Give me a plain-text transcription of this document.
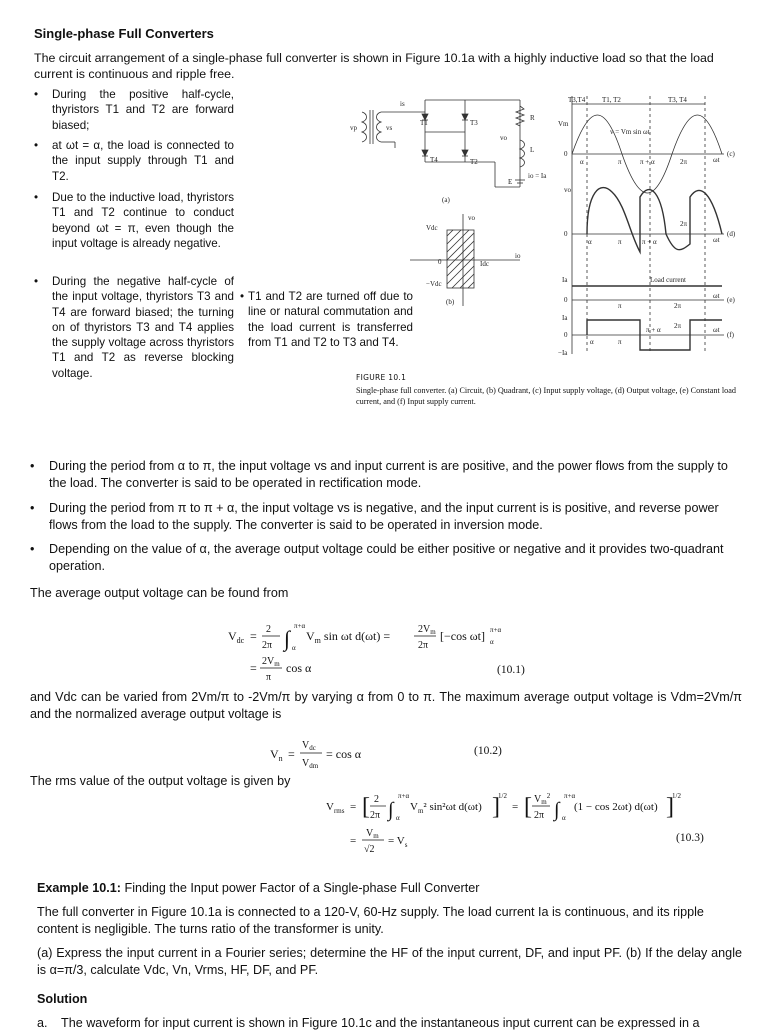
Single-phase Full Converters
The circuit arrangement of a single-phase full converter is shown in Figure 10.1a with a highly inductive load so that the load current is continuous and ripple free.
• During the positive half-cycle, thyristors T1 and T2 are forward biased;
• at ωt = α, the load is connected to the input supply through T1 and T2.
• Due to the inductive load, thyristors T1 and T2 continue to conduct beyond ωt = π, even though the input voltage is already negative.
• During the negative half-cycle of the input voltage, thyristors T3 and T4 are forward biased; the turning on of thyristors T3 and T4 applies the supply voltage across thyristors T1 and T2 as reverse blocking voltage.
• T1 and T2 are turned off due to line or natural commutation and the load current is transferred from T1 and T2 to T3 and T4.
T1	T3
T4	T2
R
L
E
vp	vs
is
vo
io = Ia
(a)
Vdc
−Vdc
vo
Idc
io
0
(b)
v = Vm sin ωt
Vm
T3,T4 T1, T2	T3, T4
(c)
(d)
(e)
(f)
α	π	π + α	2π	ωt
0
α	π	π + α
2π
ωt
0
vo
Ia	Load current
0
π	2π
ωt
Ia
−Ia
0
α	π
π + α 2π	ωt
FIGURE 10.1
Single-phase full converter. (a) Circuit, (b) Quadrant, (c) Input supply voltage, (d) Output voltage, (e) Constant load current, and (f) Input supply current.
• During the period from α to π, the input voltage vs and input current is are positive, and the power flows from the supply to the load. The converter is said to be operated in rectification mode.
• During the period from π to π + α, the input voltage vs is negative, and the input current is is positive, and reverse power flows from the load to the supply. The converter is said to be operated in inversion mode.
• Depending on the value of α, the average output voltage could be either positive or negative and it provides two-quadrant operation.
The average output voltage can be found from
$V_{dc} = 2$
2π ∫ π+α
α
$V_m$ sin ωt d(ωt) =	$2V_m$
2π
[−cos ωt] π+α
α
= $2V_m$
π
cos α	(10.1)
and Vdc can be varied from 2Vm/π to -2Vm/π by varying α from 0 to π. The maximum average output voltage is Vdm=2Vm/π and the normalized average output voltage is
$V_n$ =
$V_{dc}$
$V_{dm}$
= cos α	(10.2)
The rms value of the output voltage is given by
$V_{rms}$ = [ 2
2π ∫
π+α
α
$V_m^2$ sin²ωt d(ωt) ]
1/2
= [ $V_m^2$
2π ∫
π+α
α
(1 − cos 2ωt) d(ωt) ]
1/2
=
$V_m$
√2
= $V_s$
(10.3)
Example 10.1: Finding the Input power Factor of a Single-phase Full Converter
The full converter in Figure 10.1a is connected to a 120-V, 60-Hz supply. The load current Ia is continuous, and its ripple content is negligible. The turns ratio of the transformer is unity.
(a) Express the input current in a Fourier series; determine the HF of the input current, DF, and input PF. (b) If the delay angle is α=π/3, calculate Vdc, Vn, Vrms, HF, DF, and PF.
Solution
a. The waveform for input current is shown in Figure 10.1c and the instantaneous input current can be expressed in a
